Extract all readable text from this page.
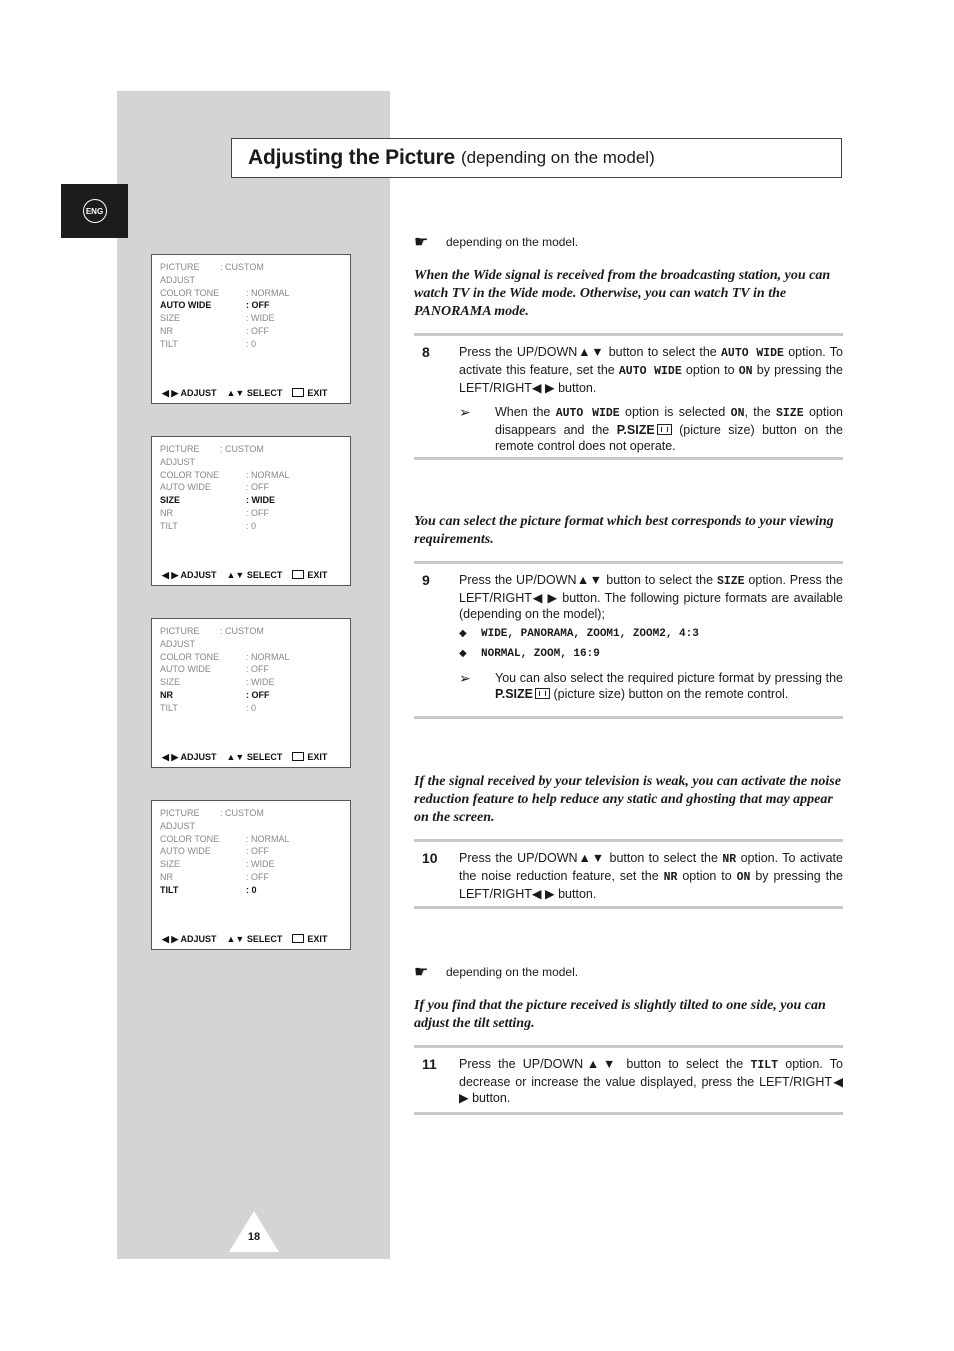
Adjusting the Picture (depending on the model)
ENG
PICTURE : CUSTOM
ADJUST
COLOR TONE	: NORMAL
AUTO WIDE	: OFF
SIZE	: WIDE
NR	: OFF
TILT	: 0
◀ ▶ ADJUST ▲▼ SELECT	EXIT
PICTURE : CUSTOM
ADJUST
COLOR TONE	: NORMAL
AUTO WIDE	: OFF
SIZE	: WIDE
NR	: OFF
TILT	: 0
◀ ▶ ADJUST ▲▼ SELECT	EXIT
PICTURE : CUSTOM
ADJUST
COLOR TONE	: NORMAL
AUTO WIDE	: OFF
SIZE	: WIDE
NR	: OFF
TILT	: 0
◀ ▶ ADJUST ▲▼ SELECT	EXIT
PICTURE : CUSTOM
ADJUST
COLOR TONE	: NORMAL
AUTO WIDE	: OFF
SIZE	: WIDE
NR	: OFF
TILT	: 0
◀ ▶ ADJUST ▲▼ SELECT	EXIT
☛	depending on the model.
When the Wide signal is received from the broadcasting station, you can watch TV in the Wide mode. Otherwise, you can watch TV in the PANORAMA mode.
8 Press the UP/DOWN▲▼ button to select the AUTO WIDE option. To activate this feature, set the AUTO WIDE option to ON by pressing the LEFT/RIGHT◀ ▶ button.
➢	When the AUTO WIDE option is selected ON, the SIZE option disappears and the P.SIZE (picture size) button on the remote control does not operate.
You can select the picture format which best corresponds to your viewing requirements.
9 Press the UP/DOWN▲▼ button to select the SIZE option. Press the LEFT/RIGHT◀ ▶ button. The following picture formats are available (depending on the model);
◆	WIDE, PANORAMA, ZOOM1, ZOOM2, 4:3
◆	NORMAL, ZOOM, 16:9
➢	You can also select the required picture format by pressing the P.SIZE (picture size) button on the remote control.
If the signal received by your television is weak, you can activate the noise reduction feature to help reduce any static and ghosting that may appear on the screen.
10 Press the UP/DOWN▲▼ button to select the NR option. To activate the noise reduction feature, set the NR option to ON by pressing the LEFT/RIGHT◀ ▶ button.
☛	depending on the model.
If you find that the picture received is slightly tilted to one side, you can adjust the tilt setting.
11 Press the UP/DOWN▲▼ button to select the TILT option. To decrease or increase the value displayed, press the LEFT/RIGHT◀ ▶ button.
18
